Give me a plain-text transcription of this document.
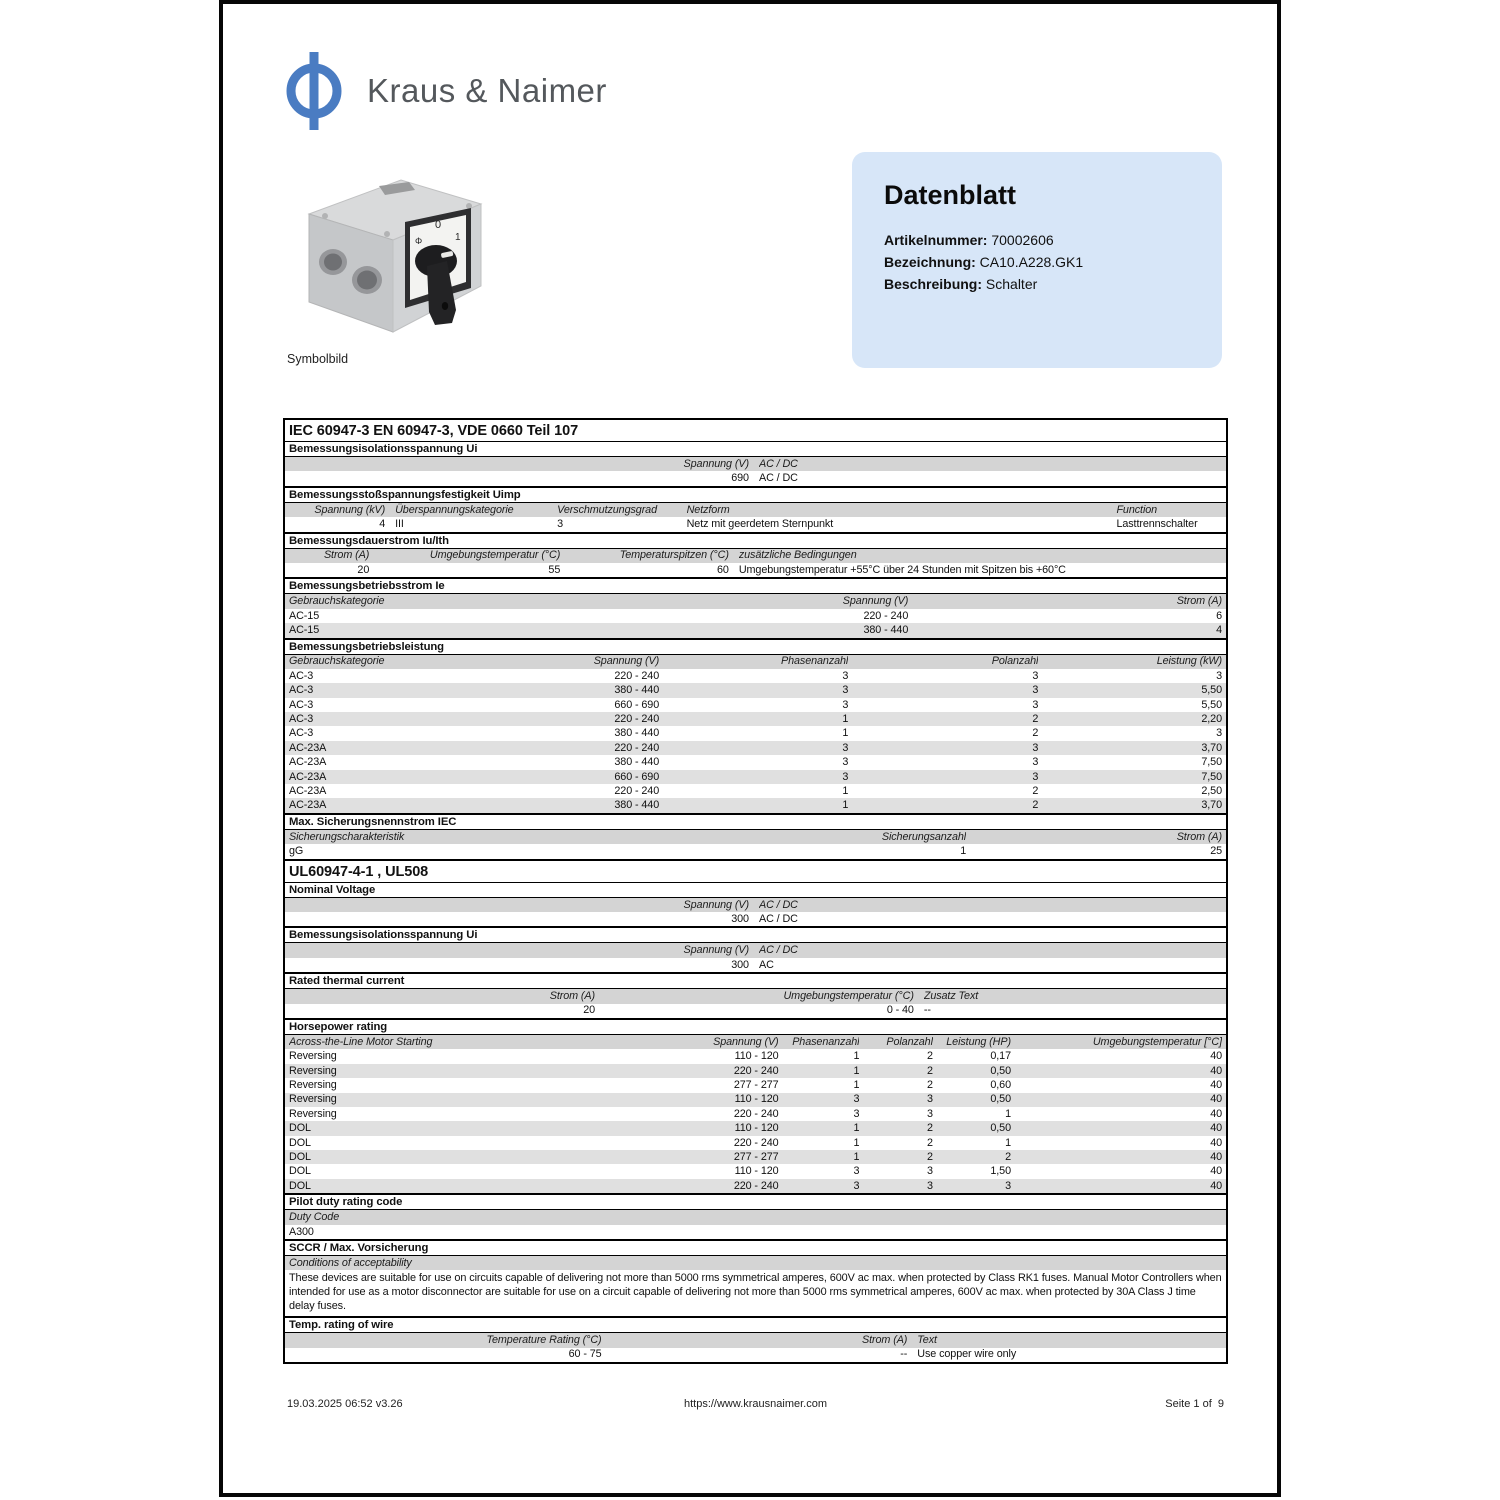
Kraus & Naimer
0
1
Φ
Symbolbild
Datenblatt
Artikelnummer: 70002606
Bezeichnung: CA10.A228.GK1
Beschreibung: Schalter
IEC 60947-3 EN 60947-3, VDE 0660 Teil 107
Bemessungsisolationsspannung Ui
Spannung (V) AC / DC
690 AC / DC
Bemessungsstoßspannungsfestigkeit Uimp
Spannung (kV) Überspannungskategorie	Verschmutzungsgrad	Netzform	Function
4 III	3	Netz mit geerdetem Sternpunkt	Lasttrennschalter
Bemessungsdauerstrom Iu/Ith
Strom (A)	Umgebungstemperatur (°C)	Temperaturspitzen (°C) zusätzliche Bedingungen
20	55	60 Umgebungstemperatur +55°C über 24 Stunden mit Spitzen bis +60°C
Bemessungsbetriebsstrom Ie
Gebrauchskategorie	Spannung (V)	Strom (A)
AC-15	220 - 240	6
AC-15	380 - 440	4
Bemessungsbetriebsleistung
Gebrauchskategorie	Spannung (V)	Phasenanzahl	Polanzahl	Leistung (kW)
AC-3	220 - 240	3	3	3
AC-3	380 - 440	3	3	5,50
AC-3	660 - 690	3	3	5,50
AC-3	220 - 240	1	2	2,20
AC-3	380 - 440	1	2	3
AC-23A	220 - 240	3	3	3,70
AC-23A	380 - 440	3	3	7,50
AC-23A	660 - 690	3	3	7,50
AC-23A	220 - 240	1	2	2,50
AC-23A	380 - 440	1	2	3,70
Max. Sicherungsnennstrom IEC
Sicherungscharakteristik	Sicherungsanzahl	Strom (A)
gG	1	25
UL60947-4-1 , UL508
Nominal Voltage
Spannung (V) AC / DC
300 AC / DC
Bemessungsisolationsspannung Ui
Spannung (V) AC / DC
300 AC
Rated thermal current
Strom (A)	Umgebungstemperatur (°C) Zusatz Text
20	0 - 40 --
Horsepower rating
Across-the-Line Motor Starting	Spannung (V)	Phasenanzahl	Polanzahl	Leistung (HP)	Umgebungstemperatur [°C]
Reversing	110 - 120	1	2	0,17	40
Reversing	220 - 240	1	2	0,50	40
Reversing	277 - 277	1	2	0,60	40
Reversing	110 - 120	3	3	0,50	40
Reversing	220 - 240	3	3	1	40
DOL	110 - 120	1	2	0,50	40
DOL	220 - 240	1	2	1	40
DOL	277 - 277	1	2	2	40
DOL	110 - 120	3	3	1,50	40
DOL	220 - 240	3	3	3	40
Pilot duty rating code
Duty Code
A300
SCCR / Max. Vorsicherung
Conditions of acceptability
These devices are suitable for use on circuits capable of delivering not more than 5000 rms symmetrical amperes, 600V ac max. when protected by Class RK1 fuses. Manual Motor Controllers when intended for use as a motor disconnector are suitable for use on a circuit capable of delivering not more than 5000 rms symmetrical amperes, 600V ac max. when protected by 30A Class J time delay fuses.
Temp. rating of wire
Temperature Rating (°C)	Strom (A) Text
60 - 75	-- Use copper wire only
19.03.2025 06:52 v3.26	https://www.krausnaimer.com	Seite 1 of  9
